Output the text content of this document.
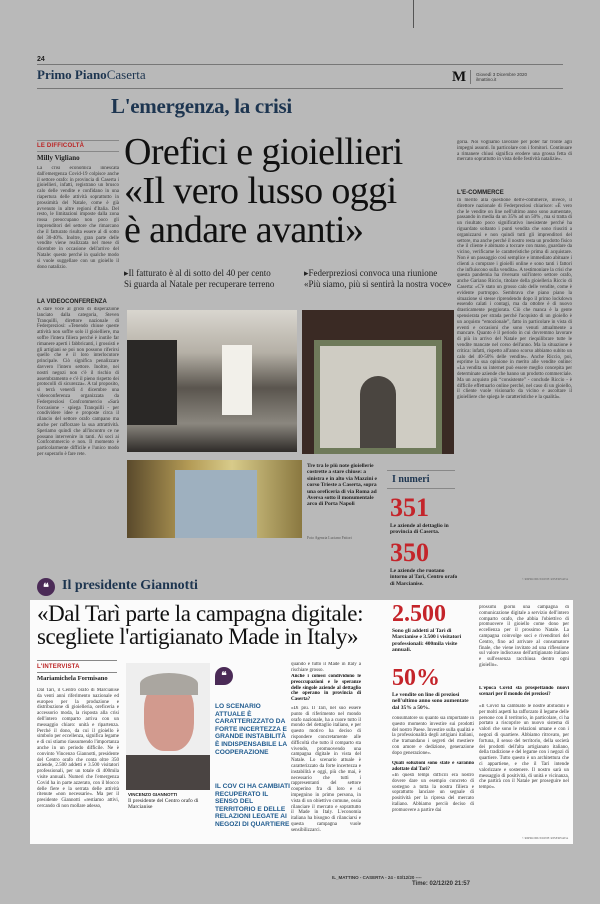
24
Primo PianoCaserta	M Giovedì 3 Dicembre 2020
ilmattino.it
L'emergenza, la crisi
Orefici e gioiellieri
«Il vero lusso oggi
è andare avanti»
▸Il fatturato è al di sotto del 40 per cento
Si guarda al Natale per recuperare terreno
▸Federpreziosi convoca una riunione
«Più siamo, più si sentirà la nostra voce»
LE DIFFICOLTÀ
Milly Vigliano
La crisi economica innescata dall'emergenza Covid-19 colpisce anche il settore orafo: in provincia di Caserta i gioiellieri, infatti, registrano un brusco calo delle vendite e confidano in una riapertura delle attività soprattutto in prossimità del Natale, come è già avvenuto in altre regioni d'Italia. Del resto, le limitazioni imposte dalla zona rossa preoccupano non poco gli imprenditori del settore che rimarcano che il fatturato risulta essere al di sotto del 30-40%. Inoltre, gran parte delle vendite viene realizzata nel mese di dicembre in occasione dell'arrivo del Natale: questo perché in qualche modo si vuole suggellare con un gioiello il dono natalizio.
LA VIDEOCONFERENZA
A dare voce al grido di disperazione lanciato dalla categoria, Steven Tranquilli, direttore nazionale di Federpreziosi: «Tenendo chiuse queste attività non soffre solo il gioielliere, ma soffre l'intera filiera perché è inutile far rimanere aperti i fabbricanti, i grossisti e gli artigiani se poi non possono riferirsi quello che è il loro interlocutore principale. Ciò significa penalizzare davvero l'intero settore. Inoltre, nei nostri negozi non c'è il rischio di assembramento e c'è il pieno rispetto dei protocolli di sicurezza». A tal proposito, si terrà venerdì 4 dicembre una videoconferenza organizzata da Federpreziosi Confcommercio «Sarà l'occasione - spiega Tranquilli - per condividere idee e proposte circa il rilancio del settore orafo campano ma anche per rafforzare la sua attrattività. Speriamo quindi che all'incontro ce ne possano intervenire in tanti. Ai soci ai Confcommercio e non. Il momento è particolarmente difficile e l'unico modo per superarlo è fare rete.
Tre tra le più note gioiellerie costrette a stare chiuse: a sinistra e in alto via Mazzini e corso Trieste a Caserta, sopra una oreficeria di via Roma ad Aversa sotto il monumentale arco di Porta Napoli
Foto Agenzia Luciano Fattori
I numeri
351
Le aziende al dettaglio in provincia di Caserta.
350
Le aziende che ruotano intorno al Tarì, Centro orafo di Marcianise.
goria. Noi vogliamo lavorare per poter far fronte agli impegni assunti. In particolare con i fornitori. Continuare a rimanere chiusi significa erodere una grossa fetta di mercato soprattutto in vista delle festività natalizie».
L'E-COMMERCE
In merito alla questione dell'e-commerce, invece, il direttore nazionale di Federpreziosi chiarisce: «È vero che le vendite on line nell'ultimo anno sono aumentate, passando in media da un 35% ad un 50% , ma si tratta di un risultato poco significativo inesistente perché ha riguardato soltanto i punti vendita che sono riusciti a organizzarsi e non quindi tutti gli imprenditori del settore, ma anche perché il nostro resta un prodotto fisico che il cliente è abituato a toccare con mano, guardare da vicino, verificarne le caratteristiche prima di acquistare. Non è un passaggio così semplice e immediato abituare i clienti a comprare i gioielli online e sono tanti i fattori che influiscono sulla vendita». A testimoniare la crisi che questa pandemia ha riversato sull'intero settore orafo, anche Gariano Riccio, titolare della gioielleria Riccio di Caserta: «C'è stato un grosso calo delle vendite, come è evidente purtroppo. Sembrava che piano piano la situazione si stesse riprendendo dopo il primo lockdown essendo calati i contagi, ma da ottobre è di nuovo drasticamente peggiorata. Ciò che manca è la gente spensierata per strada perché l'acquisto di un gioiello è un acquisto “emozionale”, fatto in particolare in vista di eventi e occasioni che sono venuti attualmente a mancare. Quanto è il periodo in cui dovremmo lavorare di più in arrivo del Natale per riequilibrare tutte le vendite mancate nel corso dell'anno. Ma la situazione è critica: infatti, rispetto all'anno scorso abbiamo subito un calo del 40-50% delle vendite». Anche Riccio, poi, esprime la sua opinione in merito alle vendite online: «La vendita su internet può essere meglio concepita per determinate aziende che hanno un prodotto commerciale. Ma un acquisto più “consistente” - conclude Riccio - è difficile effettuarlo online perché, nel caso di un gioiello, il cliente vuole visionarlo da vicino e ascoltare il gioielliere che spiega le caratteristiche e la qualità».
©RIPRODUZIONE RISERVATA
❝ Il presidente Giannotti
«Dal Tarì parte la campagna digitale:
scegliete l'artigianato Made in Italy»
L'INTERVISTA
Mariamichela Formisano
Dal Tarì, il Centro orafo di Marcianise da venti anni riferimento nazionale ed europeo per la produzione e distribuzione di gioielleria, oreficeria e accessorio moda, la risposta alla crisi dell'intero comparto arriva con un messaggio chiaro: unità e ripartenza. Perché il dono, da cui il gioiello è simbolo per eccellenza, significa legame e di cui stiamo riassumendo l'importanza anche in un periodo difficile. Ne è convinto Vincenzo Giannotti, presidente del Centro orafo che conta oltre 350 aziende, 2.500 addetti e 3.500 visitatori professionali, per un totale di 400mila visite annuali. Numeri che l'emergenza Covid ha in parte azzerato, con il blocco delle fiere e la serrata delle attività ritenute «non necessarie». Ma per il presidente Giannotti «restiamo attivi, cercando di non mollare adesso,
VINCENZO GIANNOTTI
Il presidente del Centro orafo di Marcianise
❝
LO SCENARIO ATTUALE È CARATTERIZZATO DA FORTE INCERTEZZA E GRANDE INSTABILITÀ È INDISPENSABILE LA COOPERAZIONE
IL COV CI HA CAMBIATI RECUPERATO IL SENSO DEL TERRITORIO E DELLE RELAZIONI LEGATE AI NEGOZI DI QUARTIERE
quando è tutto il Made in Italy a rischiare grosso.
Anche i colossi condividono le preoccupazioni e le speranze delle singole aziende al dettaglio che operano in provincia di Caserta?
«Di più. Il Tarì, nel suo essere punto di riferimento nel mondo orafo nazionale, ha a cuore tutto il mondo del dettaglio italiano, e per questo motivo ha deciso di rispondere concretamente alle difficoltà che tutto il comparto sta vivendo, promuovendo una campagna digitale in vista del Natale. Lo scenario attuale è caratterizzato da forte incertezza e instabilità e oggi, più che mai, è necessario che tutti i rappresentanti del settore cooperino fra di loro e si impegnino in primo persona, in vista di un obiettivo comune, ossia rilanciare il mercato e soprattutto il Made in Italy. L'economia italiana ha bisogno di rilanciarsi e questa campagna vuole sensibilizzarci.
2.500
Sono gli addetti al Tarì di Marcianise e 3.500 i visitatori professionali: 400mila visite annuali.
50%
Le vendite on line di preziosi nell'ultimo anno sono aumentate dal 35% a 50%.
consumatore su quanto sia importante in questo momento investire sui prodotti del nostro Paese. Investire sulla qualità e la professionalità degli artigiani italiani, che tramandano i segreti del mestiere con amore e dedizione, generazione dopo generazione».
Quali soluzioni sono state e saranno adottate dal Tarì?
«In questi tempi difficili era nostro dovere dare un esempio concreto di sostegno a tutta la nostra filiera e soprattutto lanciare un segnale di positività per la ripresa del mercato italiano. Abbiamo perciò deciso di promuovere a partire dai
prossimi giorni una campagna di comunicazione digitale a servizio dell'intero comparto orafo, che abbia l'obiettivo di promuovere il gioiello come dono per eccellenza per il prossimo Natale. La campagna coinvolge soci e rivenditori del Centro, fino ad arrivare al consumatore finale, che viene invitato ad una riflessione sul valore indiscusso dell'artigianato italiano e sull'essenza racchiusa dentro ogni gioiello».
L'epoca Covid sta prospettando nuovi scenari per il mondo dei preziosi?
«Il Covid ha cambiato le nostre abitudini e per molti aspetti ha rafforzato il legame delle persone con il territorio, in particolare, ci ha portato a riscoprire un nuovo sistema di valori che sono le relazioni umane e con i negozi di quartiere. Abbiamo ritrovato, per fortuna, il senso del territorio, della società dei prodotti dell'alta artigianato italiano, della tradizione e del legame con i negozi di quartiere. Tutto questo è un architettura che ci appartiene, e che il Tarì intende valorizzare e sostenere. Il nostro sarà un messaggio di positività, di unità e vicinanza, che partirà con il Natale per proseguire nel tempo».
©RIPRODUZIONE RISERVATA
IL_MATTINO - CASERTA - 24 - 03/12/20 ----
Time: 02/12/20 21:57
